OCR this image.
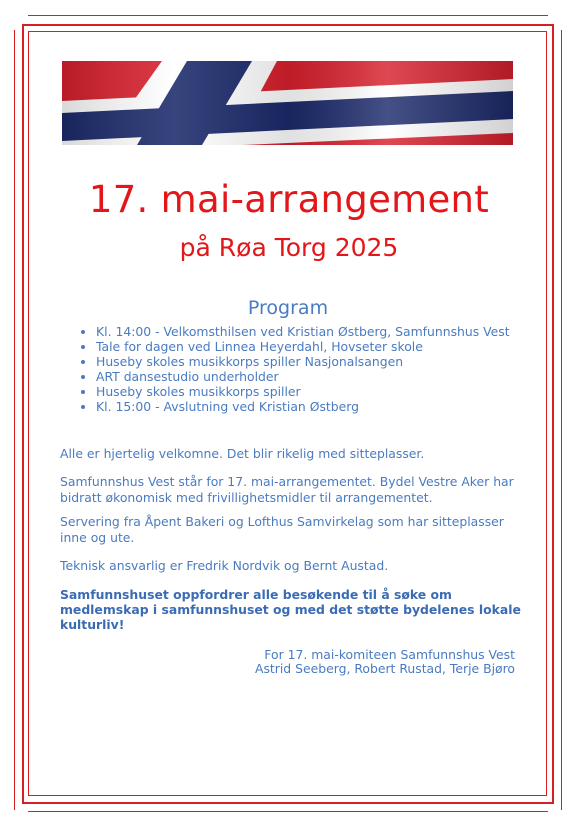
17. mai-arrangement
på Røa Torg 2025
Program
• Kl. 14:00 - Velkomsthilsen ved Kristian Østberg, Samfunnshus Vest
• Tale for dagen ved Linnea Heyerdahl, Hovseter skole
• Huseby skoles musikkorps spiller Nasjonalsangen
• ART dansestudio underholder
• Huseby skoles musikkorps spiller
• Kl. 15:00 - Avslutning ved Kristian Østberg

Alle er hjertelig velkomne. Det blir rikelig med sitteplasser.

Samfunnshus Vest står for 17. mai-arrangementet. Bydel Vestre Aker har bidratt økonomisk med frivillighetsmidler til arrangementet.

Servering fra Åpent Bakeri og Lofthus Samvirkelag som har sitteplasser inne og ute.

Teknisk ansvarlig er Fredrik Nordvik og Bernt Austad.

Samfunnshuset oppfordrer alle besøkende til å søke om medlemskap i samfunnshuset og med det støtte bydelenes lokale kulturliv!

For 17. mai-komiteen Samfunnshus Vest

Astrid Seeberg, Robert Rustad, Terje Bjøro
